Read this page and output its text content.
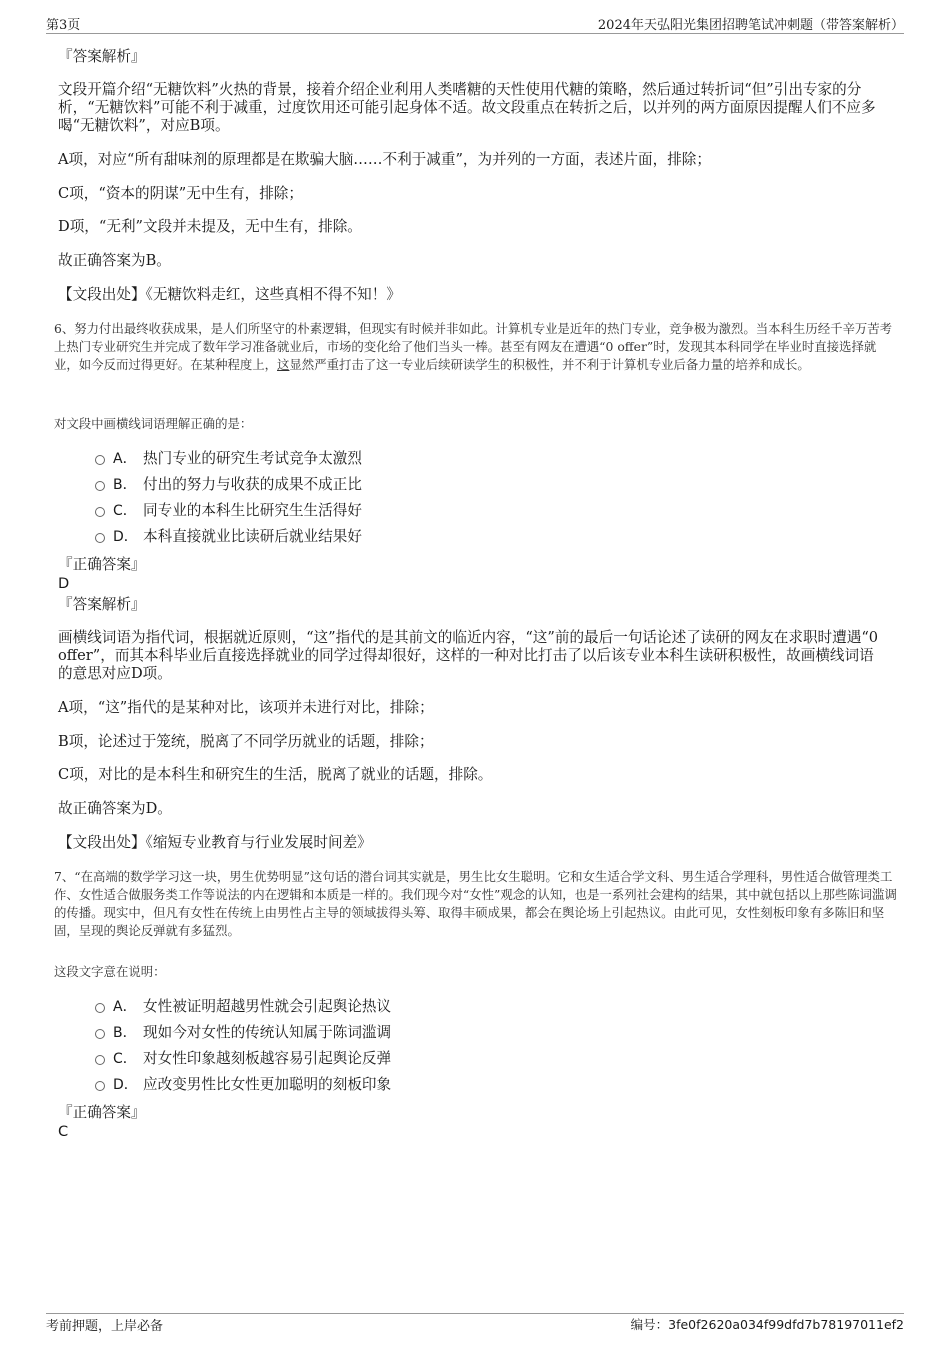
第3页	2024年天弘阳光集团招聘笔试冲刺题（带答案解析）
『答案解析』
文段开篇介绍“无糖饮料”火热的背景，接着介绍企业利用人类嗜糖的天性使用代糖的策略，然后通过转折词“但”引出专家的分析，“无糖饮料”可能不利于减重，过度饮用还可能引起身体不适。故文段重点在转折之后，以并列的两方面原因提醒人们不应多喝“无糖饮料”，对应B项。
A项，对应“所有甜味剂的原理都是在欺骗大脑……不利于减重”，为并列的一方面，表述片面，排除；
C项，“资本的阴谋”无中生有，排除；
D项，“无利”文段并未提及，无中生有，排除。
故正确答案为B。
【文段出处】《无糖饮料走红，这些真相不得不知！》
6、努力付出最终收获成果，是人们所坚守的朴素逻辑，但现实有时候并非如此。计算机专业是近年的热门专业，竞争极为激烈。当本科生历经千辛万苦考上热门专业研究生并完成了数年学习准备就业后，市场的变化给了他们当头一棒。甚至有网友在遭遇“0 offer”时，发现其本科同学在毕业时直接选择就业，如今反而过得更好。在某种程度上，这显然严重打击了这一专业后续研读学生的积极性，并不利于计算机专业后备力量的培养和成长。
对文段中画横线词语理解正确的是：
A． 热门专业的研究生考试竞争太激烈
B． 付出的努力与收获的成果不成正比
C． 同专业的本科生比研究生生活得好
D． 本科直接就业比读研后就业结果好
『正确答案』
D
『答案解析』
画横线词语为指代词，根据就近原则，“这”指代的是其前文的临近内容，“这”前的最后一句话论述了读研的网友在求职时遭遇“0 offer”，而其本科毕业后直接选择就业的同学过得却很好，这样的一种对比打击了以后该专业本科生读研积极性，故画横线词语的意思对应D项。
A项，“这”指代的是某种对比，该项并未进行对比，排除；
B项，论述过于笼统，脱离了不同学历就业的话题，排除；
C项，对比的是本科生和研究生的生活，脱离了就业的话题，排除。
故正确答案为D。
【文段出处】《缩短专业教育与行业发展时间差》
7、“在高端的数学学习这一块，男生优势明显”这句话的潜台词其实就是，男生比女生聪明。它和女生适合学文科、男生适合学理科，男性适合做管理类工作、女性适合做服务类工作等说法的内在逻辑和本质是一样的。我们现今对“女性”观念的认知，也是一系列社会建构的结果，其中就包括以上那些陈词滥调的传播。现实中，但凡有女性在传统上由男性占主导的领域拔得头筹、取得丰硕成果，都会在舆论场上引起热议。由此可见，女性刻板印象有多陈旧和坚固，呈现的舆论反弹就有多猛烈。
这段文字意在说明：
A． 女性被证明超越男性就会引起舆论热议
B． 现如今对女性的传统认知属于陈词滥调
C． 对女性印象越刻板越容易引起舆论反弹
D． 应改变男性比女性更加聪明的刻板印象
『正确答案』
C
考前押题，上岸必备	编号：3fe0f2620a034f99dfd7b78197011ef2
